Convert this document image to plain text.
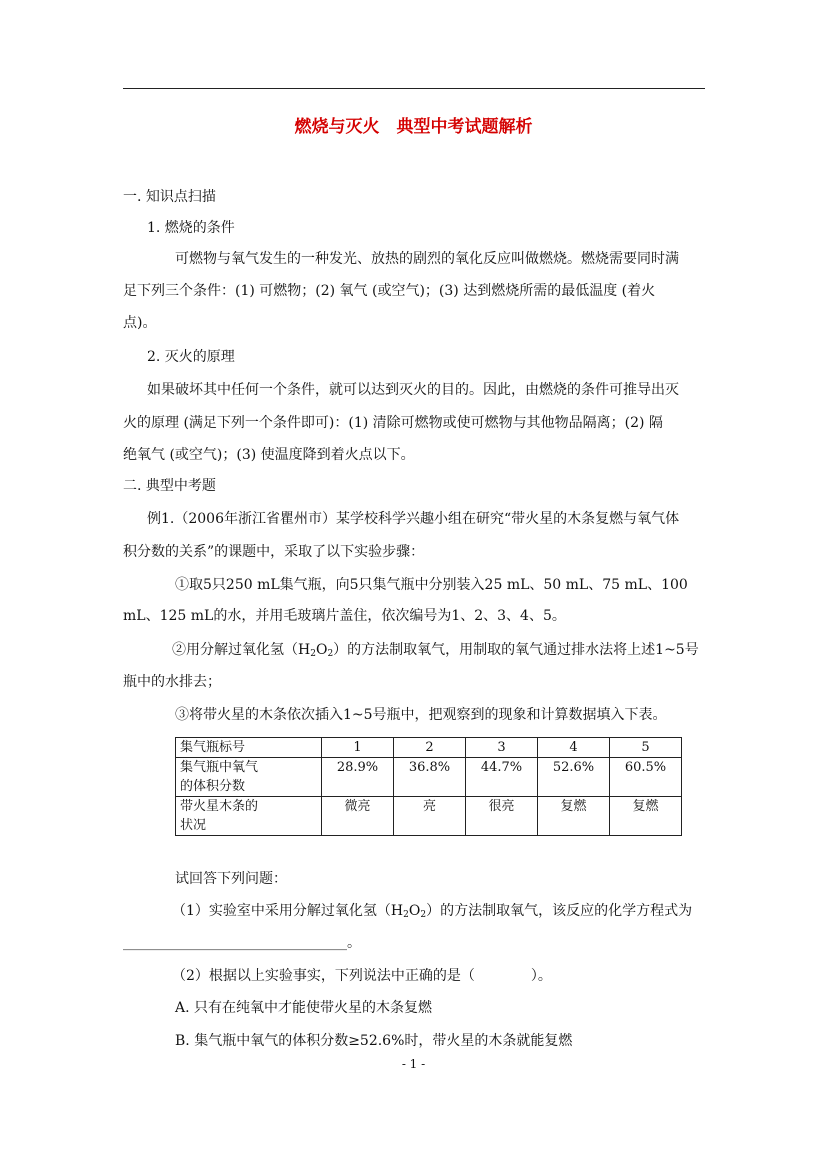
燃烧与灭火　典型中考试题解析
一. 知识点扫描
1. 燃烧的条件
可燃物与氧气发生的一种发光、放热的剧烈的氧化反应叫做燃烧。燃烧需要同时满
足下列三个条件：(1) 可燃物；(2) 氧气 (或空气)；(3) 达到燃烧所需的最低温度 (着火
点)。
2. 灭火的原理
如果破坏其中任何一个条件，就可以达到灭火的目的。因此，由燃烧的条件可推导出灭
火的原理 (满足下列一个条件即可)：(1) 清除可燃物或使可燃物与其他物品隔离；(2) 隔
绝氧气 (或空气)；(3) 使温度降到着火点以下。
二. 典型中考题
例1.（2006年浙江省瞿州市）某学校科学兴趣小组在研究“带火星的木条复燃与氧气体
积分数的关系”的课题中，采取了以下实验步骤：
①取5只250 mL集气瓶，向5只集气瓶中分别装入25 mL、50 mL、75 mL、100
mL、125 mL的水，并用毛玻璃片盖住，依次编号为1、2、3、4、5。
②用分解过氧化氢$(H_2O_2)$的方法制取氧气，用制取的氧气通过排水法将上述1~5号
瓶中的水排去；
③将带火星的木条依次插入1~5号瓶中，把观察到的现象和计算数据填入下表。
集气瓶标号	1	2	3	4	5

集气瓶中氧气
的体积分数	28.9%	36.8%	44.7%	52.6%	60.5%

带火星木条的
状况	微亮	亮	很亮	复燃	复燃
试回答下列问题：
（1）实验室中采用分解过氧化氢$(H_2O_2)$的方法制取氧气，该反应的化学方程式为
________________________________。
（2）根据以上实验事实，下列说法中正确的是（　　　　）。
A. 只有在纯氧中才能使带火星的木条复燃
B. 集气瓶中氧气的体积分数≥52.6%时，带火星的木条就能复燃
- 1 -
